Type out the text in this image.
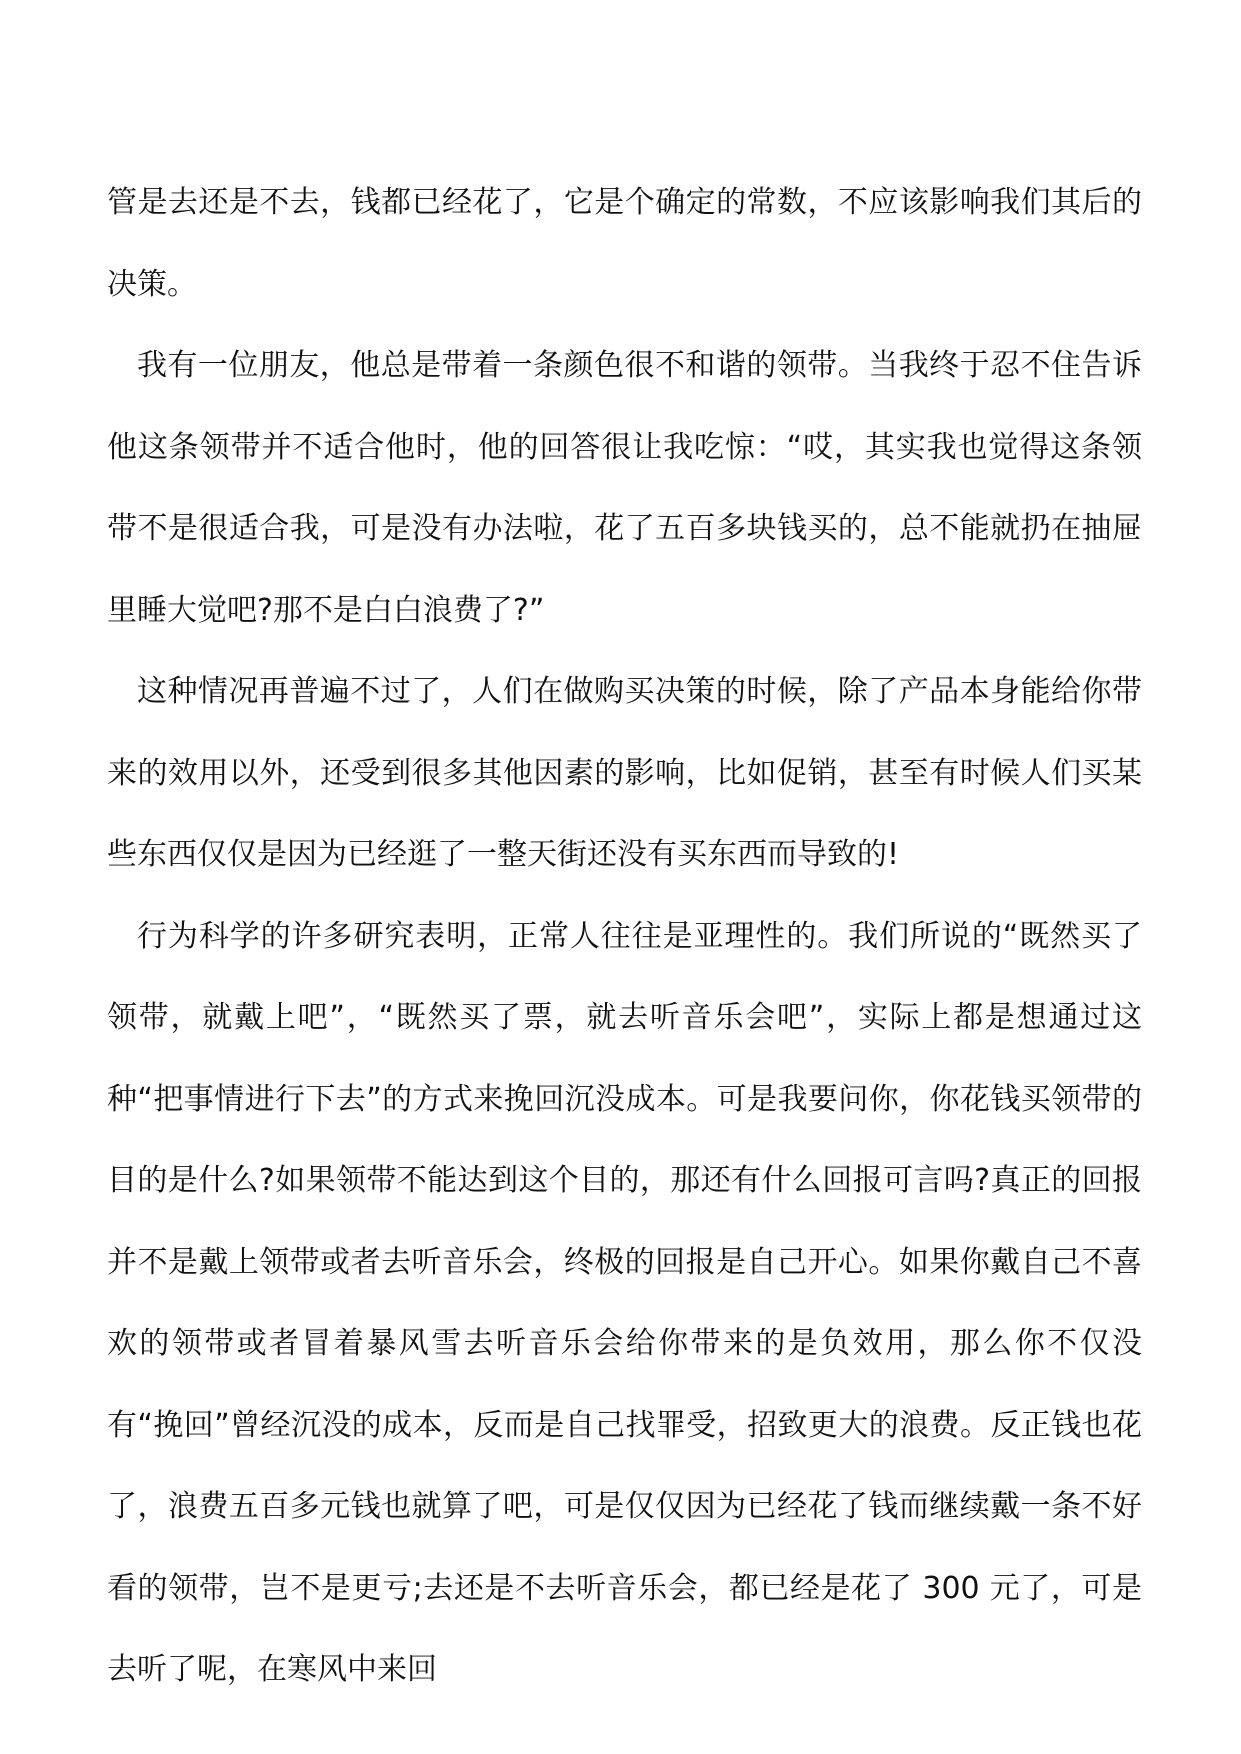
管是去还是不去，钱都已经花了，它是个确定的常数，不应该影响我们其后的决策。

我有一位朋友，他总是带着一条颜色很不和谐的领带。当我终于忍不住告诉他这条领带并不适合他时，他的回答很让我吃惊：“哎，其实我也觉得这条领带不是很适合我，可是没有办法啦，花了五百多块钱买的，总不能就扔在抽屉里睡大觉吧?那不是白白浪费了?”

这种情况再普遍不过了，人们在做购买决策的时候，除了产品本身能给你带来的效用以外，还受到很多其他因素的影响，比如促销，甚至有时候人们买某些东西仅仅是因为已经逛了一整天街还没有买东西而导致的!

行为科学的许多研究表明，正常人往往是亚理性的。我们所说的“既然买了领带，就戴上吧”，“既然买了票，就去听音乐会吧”，实际上都是想通过这种“把事情进行下去”的方式来挽回沉没成本。可是我要问你，你花钱买领带的目的是什么?如果领带不能达到这个目的，那还有什么回报可言吗?真正的回报并不是戴上领带或者去听音乐会，终极的回报是自己开心。如果你戴自己不喜欢的领带或者冒着暴风雪去听音乐会给你带来的是负效用，那么你不仅没有“挽回”曾经沉没的成本，反而是自己找罪受，招致更大的浪费。反正钱也花了，浪费五百多元钱也就算了吧，可是仅仅因为已经花了钱而继续戴一条不好看的领带，岂不是更亏;去还是不去听音乐会，都已经是花了 300 元了，可是去听了呢，在寒风中来回
